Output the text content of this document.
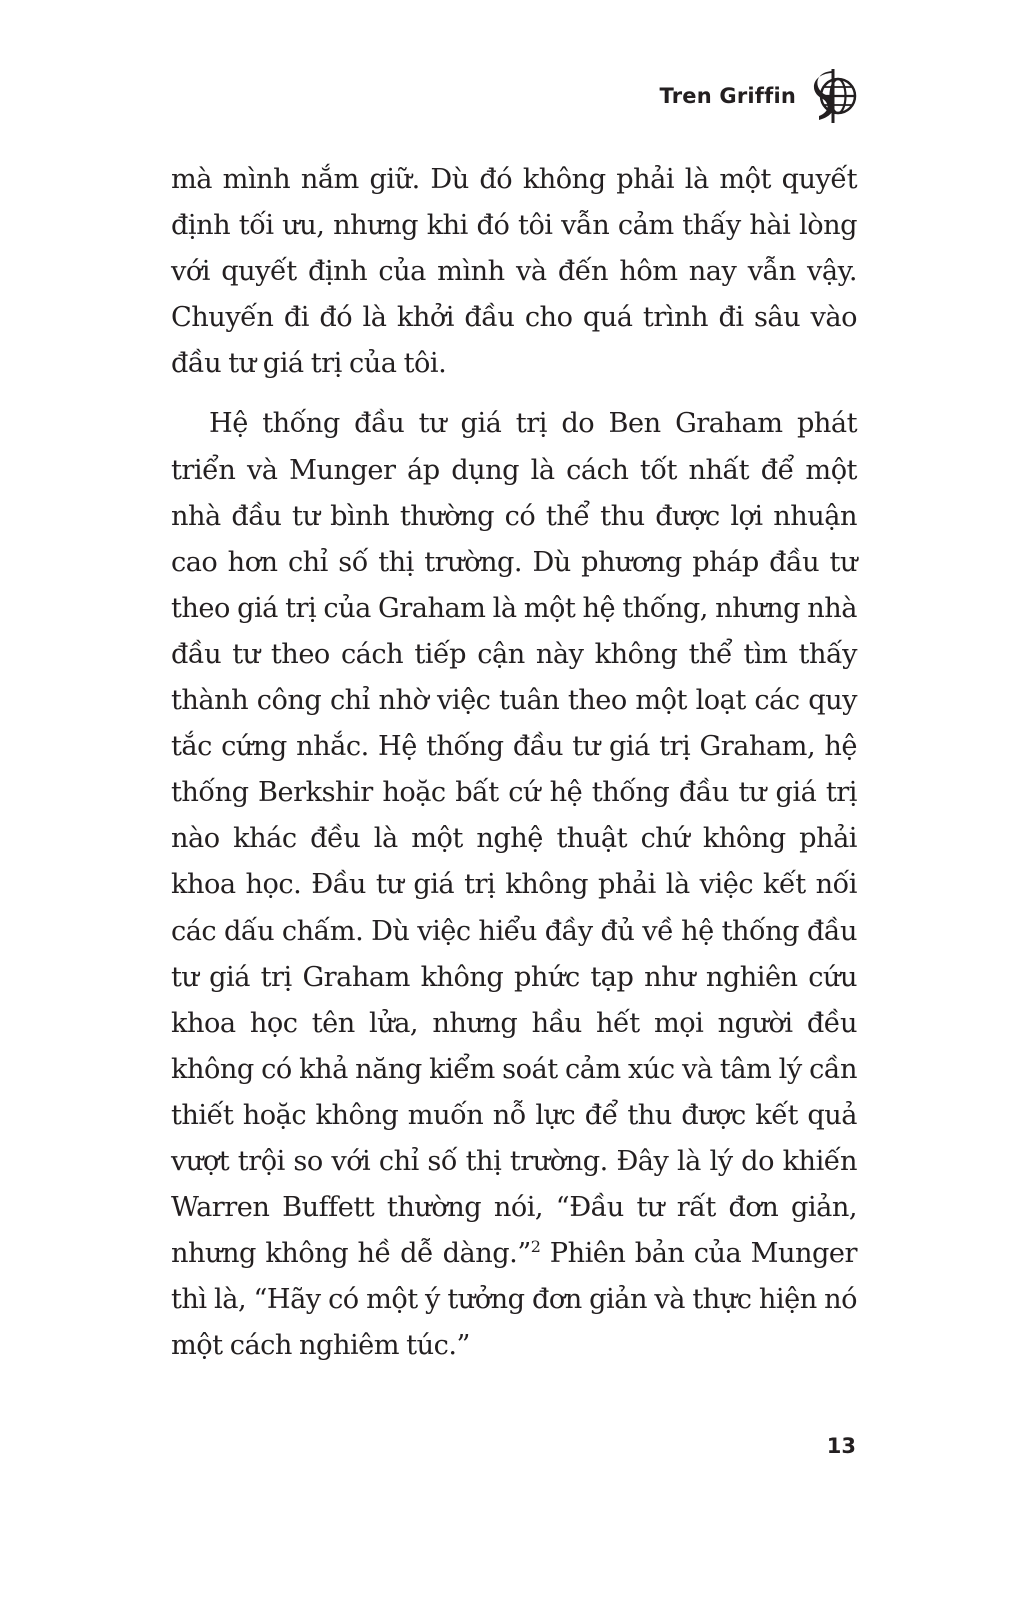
Tren Griffin

mà mình nắm giữ. Dù đó không phải là một quyết định tối ưu, nhưng khi đó tôi vẫn cảm thấy hài lòng với quyết định của mình và đến hôm nay vẫn vậy. Chuyến đi đó là khởi đầu cho quá trình đi sâu vào đầu tư giá trị của tôi.

Hệ thống đầu tư giá trị do Ben Graham phát triển và Munger áp dụng là cách tốt nhất để một nhà đầu tư bình thường có thể thu được lợi nhuận cao hơn chỉ số thị trường. Dù phương pháp đầu tư theo giá trị của Graham là một hệ thống, nhưng nhà đầu tư theo cách tiếp cận này không thể tìm thấy thành công chỉ nhờ việc tuân theo một loạt các quy tắc cứng nhắc. Hệ thống đầu tư giá trị Graham, hệ thống Berkshir hoặc bất cứ hệ thống đầu tư giá trị nào khác đều là một nghệ thuật chứ không phải khoa học. Đầu tư giá trị không phải là việc kết nối các dấu chấm. Dù việc hiểu đầy đủ về hệ thống đầu tư giá trị Graham không phức tạp như nghiên cứu khoa học tên lửa, nhưng hầu hết mọi người đều không có khả năng kiểm soát cảm xúc và tâm lý cần thiết hoặc không muốn nỗ lực để thu được kết quả vượt trội so với chỉ số thị trường. Đây là lý do khiến Warren Buffett thường nói, “Đầu tư rất đơn giản, nhưng không hề dễ dàng.”$^2$ Phiên bản của Munger thì là, “Hãy có một ý tưởng đơn giản và thực hiện nó một cách nghiêm túc.”

13
